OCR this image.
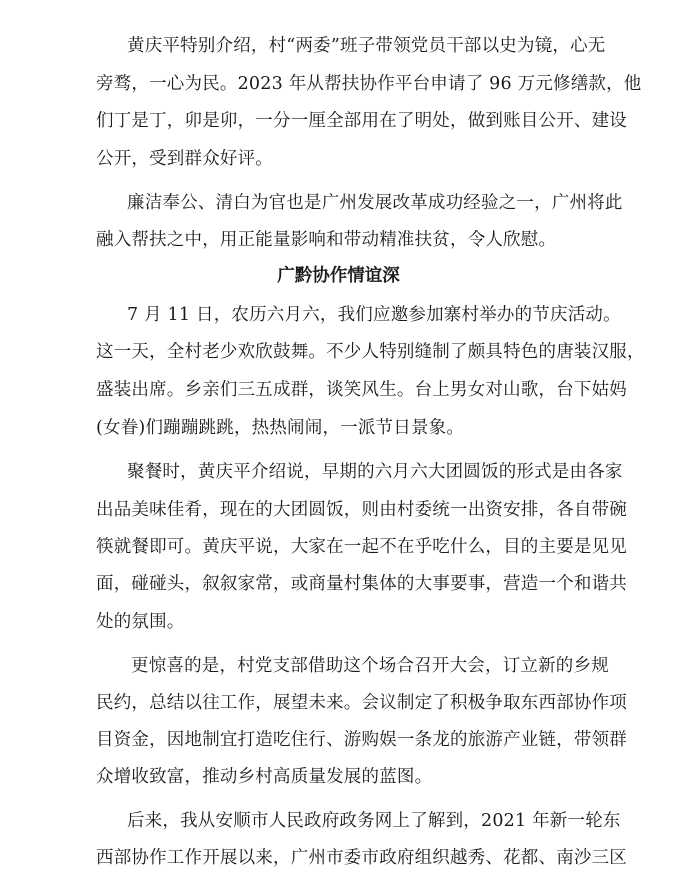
黄庆平特别介绍，村“两委”班子带领党员干部以史为镜，心无
旁骛，一心为民。2023 年从帮扶协作平台申请了 96 万元修缮款，他
们丁是丁，卯是卯，一分一厘全部用在了明处，做到账目公开、建设
公开，受到群众好评。
廉洁奉公、清白为官也是广州发展改革成功经验之一，广州将此
融入帮扶之中，用正能量影响和带动精准扶贫，令人欣慰。
广黔协作情谊深
7 月 11 日，农历六月六，我们应邀参加寨村举办的节庆活动。
这一天，全村老少欢欣鼓舞。不少人特别缝制了颇具特色的唐装汉服，
盛装出席。乡亲们三五成群，谈笑风生。台上男女对山歌，台下姑妈
(女眷)们蹦蹦跳跳，热热闹闹，一派节日景象。
聚餐时，黄庆平介绍说，早期的六月六大团圆饭的形式是由各家
出品美味佳肴，现在的大团圆饭，则由村委统一出资安排，各自带碗
筷就餐即可。黄庆平说，大家在一起不在乎吃什么，目的主要是见见
面，碰碰头，叙叙家常，或商量村集体的大事要事，营造一个和谐共
处的氛围。
更惊喜的是，村党支部借助这个场合召开大会，订立新的乡规
民约，总结以往工作，展望未来。会议制定了积极争取东西部协作项
目资金，因地制宜打造吃住行、游购娱一条龙的旅游产业链，带领群
众增收致富，推动乡村高质量发展的蓝图。
后来，我从安顺市人民政府政务网上了解到，2021 年新一轮东
西部协作工作开展以来，广州市委市政府组织越秀、花都、南沙三区
